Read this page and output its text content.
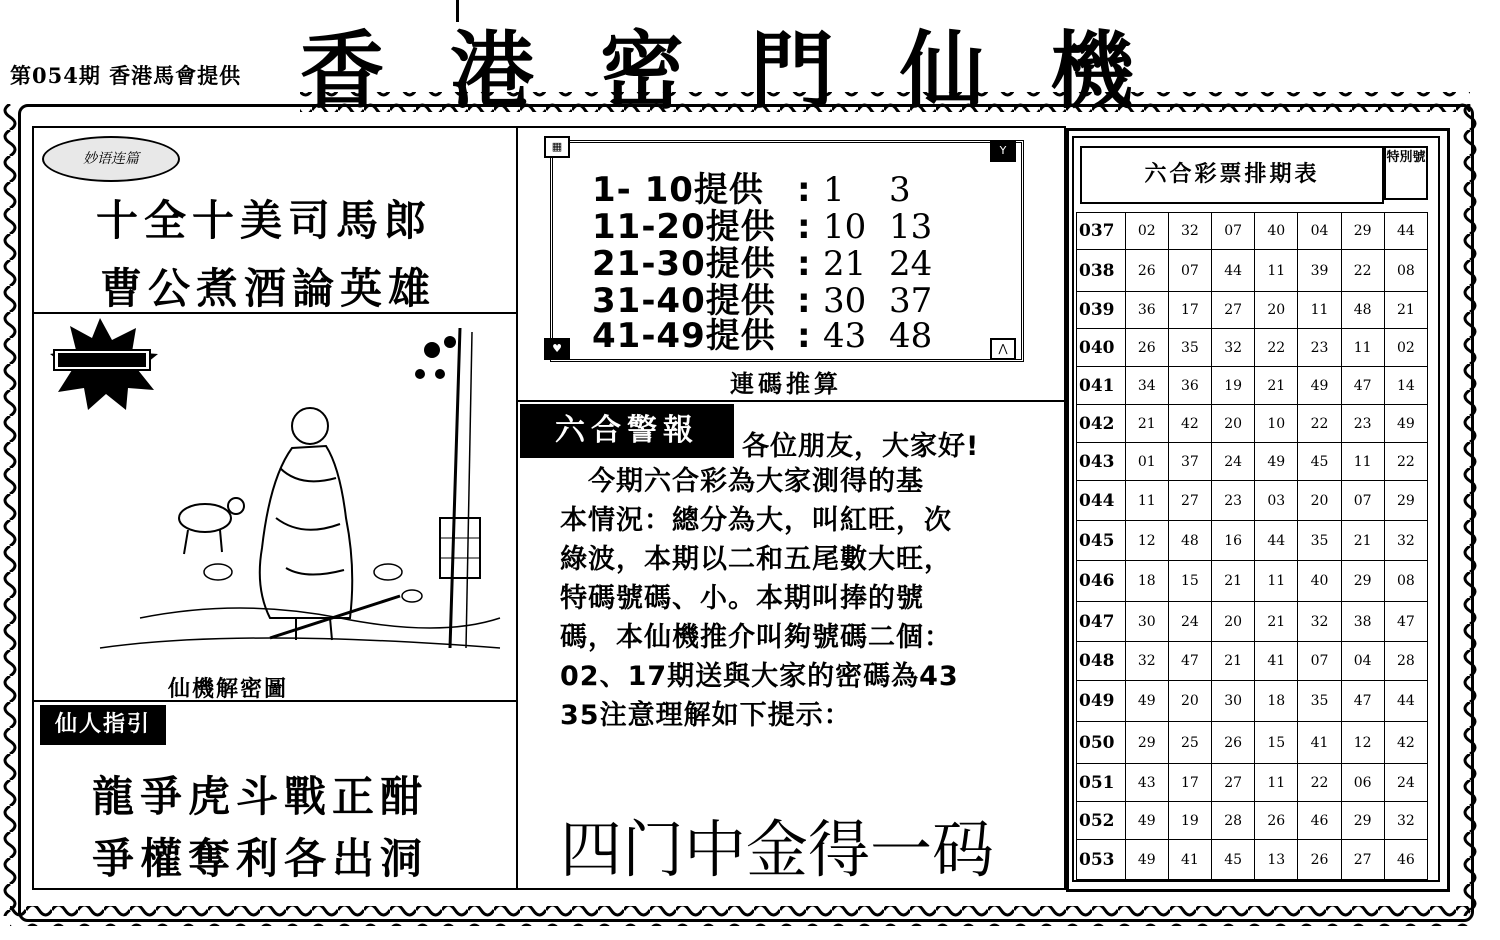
第054期 香港馬會提供 香港密門仙機
妙语连篇
十全十美司馬郎
曹公煮酒論英雄
仙機解密圖
仙人指引
龍爭虎斗戰正酣
爭權奪利各出洞
▦	Y
♥	⋀
1- 10提供 : 1 3
11-20提供 : 10 13
21-30提供 : 21 24
31-40提供 : 30 37
41-49提供 : 43 48
連碼推算
六合警報	各位朋友，大家好!
　今期六合彩為大家測得的基
本情況：總分為大，叫紅旺，次
綠波，本期以二和五尾數大旺，
特碼號碼、小。本期叫捧的號
碼，本仙機推介叫夠號碼二個：
02、17期送與大家的密碼為43
35注意理解如下提示：
四门中金得一码
六合彩票排期表
特別號
037	02	32	07	40	04	29	44
038	26	07	44	11	39	22	08
039	36	17	27	20	11	48	21
040	26	35	32	22	23	11	02
041	34	36	19	21	49	47	14
042	21	42	20	10	22	23	49
043	01	37	24	49	45	11	22
044	11	27	23	03	20	07	29
045	12	48	16	44	35	21	32
046	18	15	21	11	40	29	08
047	30	24	20	21	32	38	47
048	32	47	21	41	07	04	28
049	49	20	30	18	35	47	44
050	29	25	26	15	41	12	42
051	43	17	27	11	22	06	24
052	49	19	28	26	46	29	32
053	49	41	45	13	26	27	46
